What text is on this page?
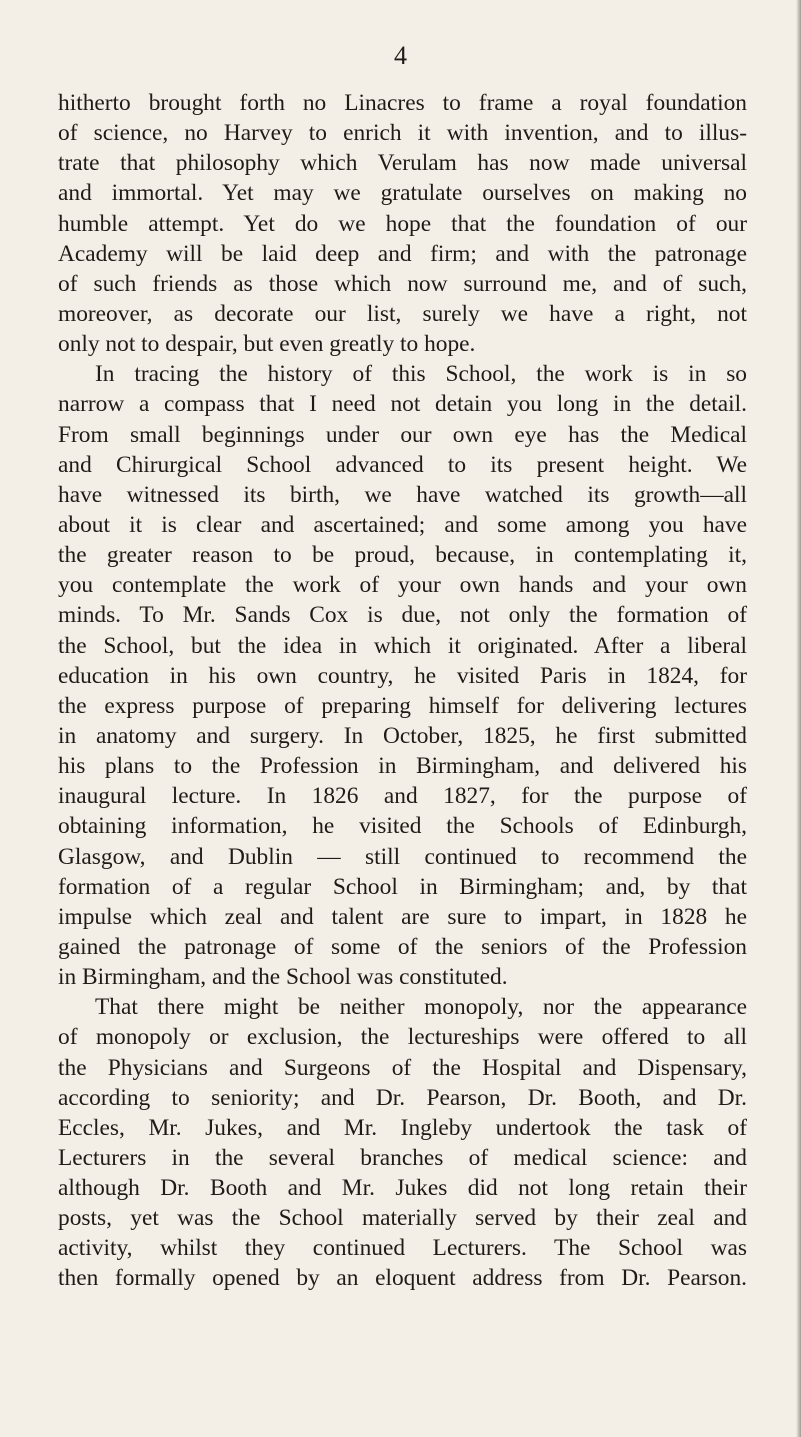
4
hitherto brought forth no Linacres to frame a royal foundation
of science, no Harvey to enrich it with invention, and to illus-
trate that philosophy which Verulam has now made universal
and immortal. Yet may we gratulate ourselves on making no
humble attempt. Yet do we hope that the foundation of our
Academy will be laid deep and firm; and with the patronage
of such friends as those which now surround me, and of such,
moreover, as decorate our list, surely we have a right, not
only not to despair, but even greatly to hope.
In tracing the history of this School, the work is in so
narrow a compass that I need not detain you long in the detail.
From small beginnings under our own eye has the Medical
and Chirurgical School advanced to its present height. We
have witnessed its birth, we have watched its growth—all
about it is clear and ascertained; and some among you have
the greater reason to be proud, because, in contemplating it,
you contemplate the work of your own hands and your own
minds. To Mr. Sands Cox is due, not only the formation of
the School, but the idea in which it originated. After a liberal
education in his own country, he visited Paris in 1824, for
the express purpose of preparing himself for delivering lectures
in anatomy and surgery. In October, 1825, he first submitted
his plans to the Profession in Birmingham, and delivered his
inaugural lecture. In 1826 and 1827, for the purpose of
obtaining information, he visited the Schools of Edinburgh,
Glasgow, and Dublin — still continued to recommend the
formation of a regular School in Birmingham; and, by that
impulse which zeal and talent are sure to impart, in 1828 he
gained the patronage of some of the seniors of the Profession
in Birmingham, and the School was constituted.
That there might be neither monopoly, nor the appearance
of monopoly or exclusion, the lectureships were offered to all
the Physicians and Surgeons of the Hospital and Dispensary,
according to seniority; and Dr. Pearson, Dr. Booth, and Dr.
Eccles, Mr. Jukes, and Mr. Ingleby undertook the task of
Lecturers in the several branches of medical science: and
although Dr. Booth and Mr. Jukes did not long retain their
posts, yet was the School materially served by their zeal and
activity, whilst they continued Lecturers. The School was
then formally opened by an eloquent address from Dr. Pearson.
